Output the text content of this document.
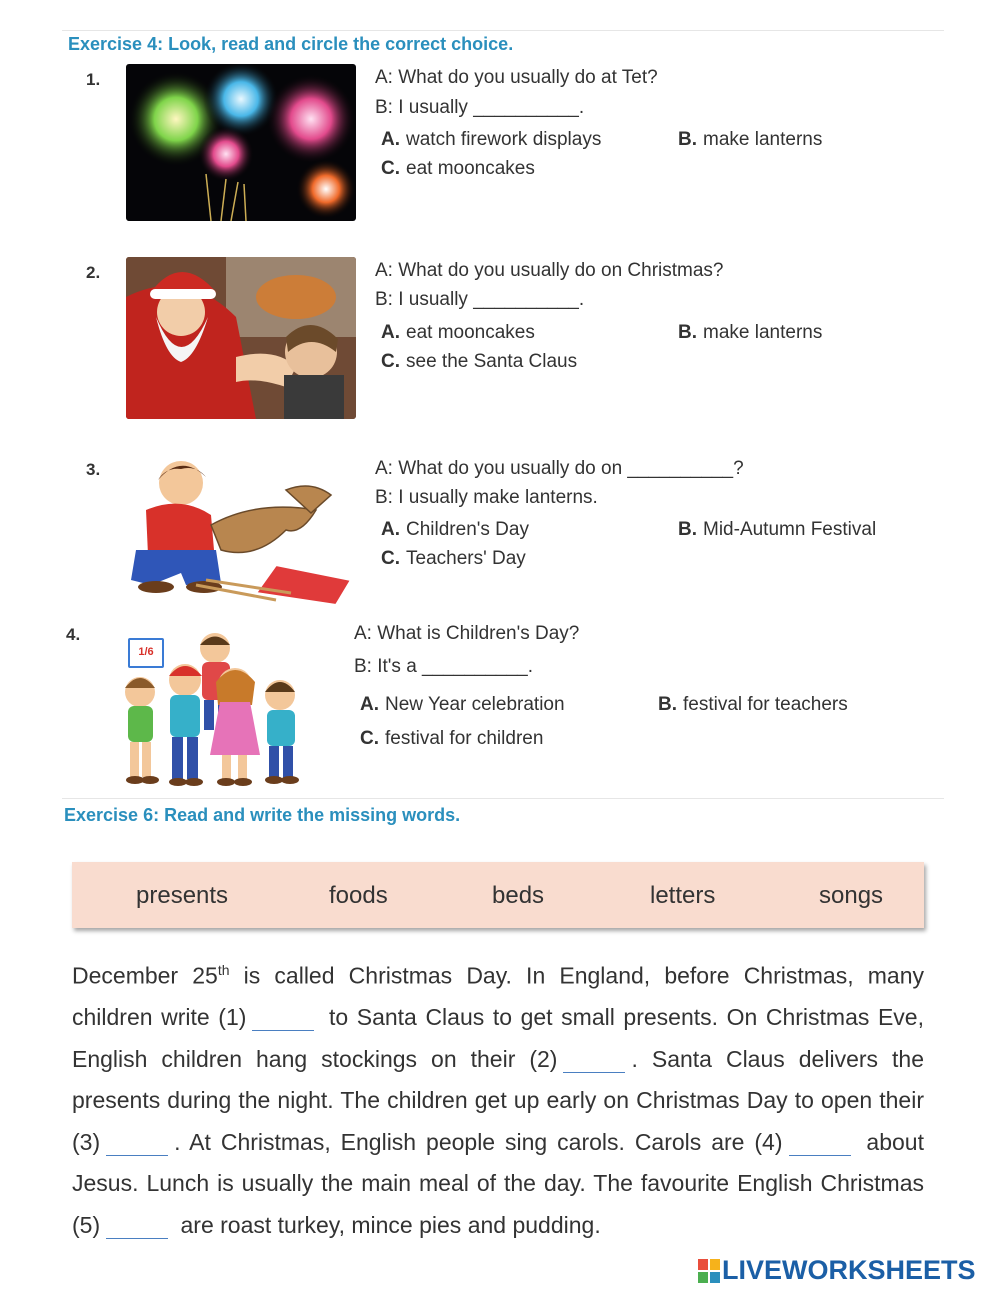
Exercise 4: Look, read and circle the correct choice.
1.	A: What do you usually do at Tet?
B: I usually __________.
A. watch firework displays	B. make lanterns
C. eat mooncakes
2.	A: What do you usually do on Christmas?
B: I usually __________.
A. eat mooncakes	B. make lanterns
C. see the Santa Claus
3.	A: What do you usually do on __________?
B: I usually make lanterns.
A. Children's Day	B. Mid-Autumn Festival
C. Teachers' Day
4.
1/6
A: What is Children's Day?
B: It's a __________.
A. New Year celebration	B. festival for teachers
C. festival for children
Exercise 6: Read and write the missing words.
presents	foods	beds	letters	songs
December 25th is called Christmas Day. In England, before Christmas, many children write (1)	to Santa Claus to get small presents. On Christmas Eve, English children hang stockings on their (2)	. Santa Claus delivers the presents during the night. The children get up early on Christmas Day to open their (3)	. At Christmas, English people sing carols. Carols are (4)	about Jesus. Lunch is usually the main meal of the day. The favourite English Christmas (5)	are roast turkey, mince pies and pudding.
LIVEWORKSHEETS
